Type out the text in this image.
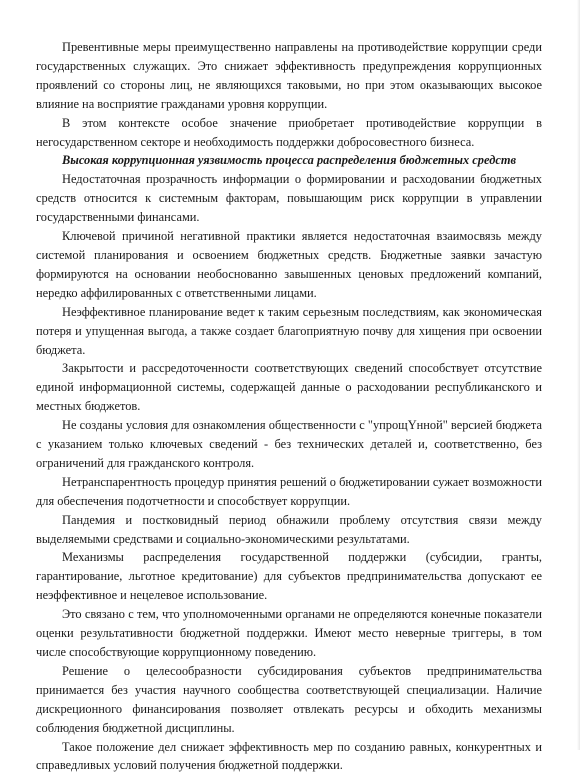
Превентивные меры преимущественно направлены на противодействие коррупции среди государственных служащих. Это снижает эффективность предупреждения коррупционных проявлений со стороны лиц, не являющихся таковыми, но при этом оказывающих высокое влияние на восприятие гражданами уровня коррупции.

В этом контексте особое значение приобретает противодействие коррупции в негосударственном секторе и необходимость поддержки добросовестного бизнеса.

Высокая коррупционная уязвимость процесса распределения бюджетных средств

Недостаточная прозрачность информации о формировании и расходовании бюджетных средств относится к системным факторам, повышающим риск коррупции в управлении государственными финансами.

Ключевой причиной негативной практики является недостаточная взаимосвязь между системой планирования и освоением бюджетных средств. Бюджетные заявки зачастую формируются на основании необоснованно завышенных ценовых предложений компаний, нередко аффилированных с ответственными лицами.

Неэффективное планирование ведет к таким серьезным последствиям, как экономическая потеря и упущенная выгода, а также создает благоприятную почву для хищения при освоении бюджета.

Закрытости и рассредоточенности соответствующих сведений способствует отсутствие единой информационной системы, содержащей данные о расходовании республиканского и местных бюджетов.

Не созданы условия для ознакомления общественности с "упрощҮнной" версией бюджета с указанием только ключевых сведений - без технических деталей и, соответственно, без ограничений для гражданского контроля.

Нетранспарентность процедур принятия решений о бюджетировании сужает возможности для обеспечения подотчетности и способствует коррупции.

Пандемия и постковидный период обнажили проблему отсутствия связи между выделяемыми средствами и социально-экономическими результатами.

Механизмы распределения государственной поддержки (субсидии, гранты, гарантирование, льготное кредитование) для субъектов предпринимательства допускают ее неэффективное и нецелевое использование.

Это связано с тем, что уполномоченными органами не определяются конечные показатели оценки результативности бюджетной поддержки. Имеют место неверные триггеры, в том числе способствующие коррупционному поведению.

Решение о целесообразности субсидирования субъектов предпринимательства принимается без участия научного сообщества соответствующей специализации. Наличие дискреционного финансирования позволяет отвлекать ресурсы и обходить механизмы соблюдения бюджетной дисциплины.

Такое положение дел снижает эффективность мер по созданию равных, конкурентных и справедливых условий получения бюджетной поддержки.
